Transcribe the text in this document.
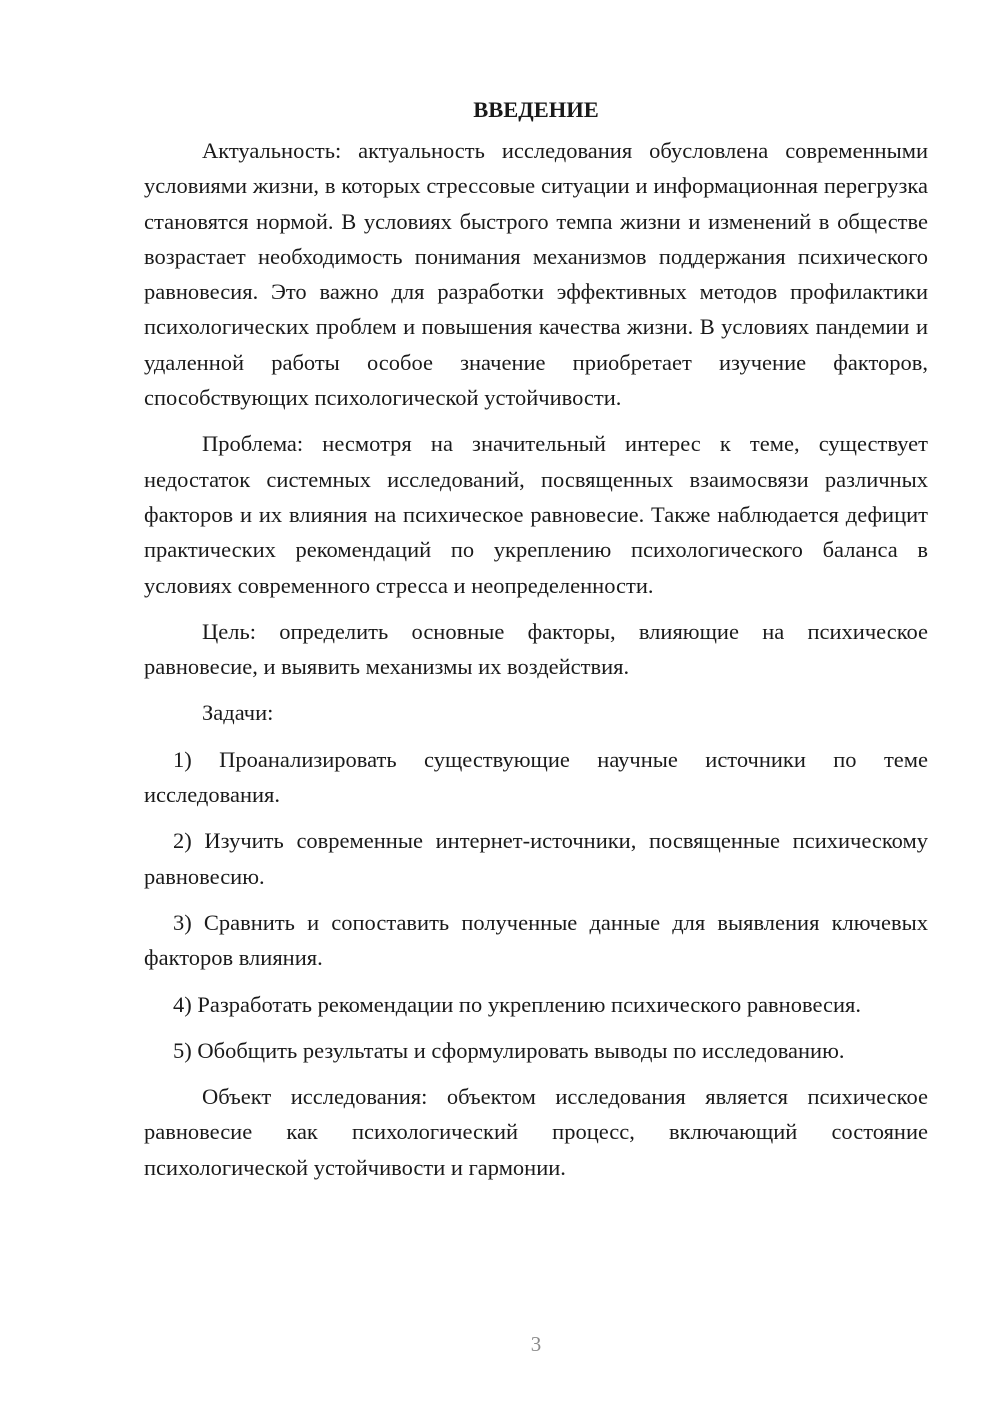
ВВЕДЕНИЕ

Актуальность: актуальность исследования обусловлена современными условиями жизни, в которых стрессовые ситуации и информационная перегрузка становятся нормой. В условиях быстрого темпа жизни и изменений в обществе возрастает необходимость понимания механизмов поддержания психического равновесия. Это важно для разработки эффективных методов профилактики психологических проблем и повышения качества жизни. В условиях пандемии и удаленной работы особое значение приобретает изучение факторов, способствующих психологической устойчивости.

Проблема: несмотря на значительный интерес к теме, существует недостаток системных исследований, посвященных взаимосвязи различных факторов и их влияния на психическое равновесие. Также наблюдается дефицит практических рекомендаций по укреплению психологического баланса в условиях современного стресса и неопределенности.

Цель: определить основные факторы, влияющие на психическое равновесие, и выявить механизмы их воздействия.

Задачи:

1) Проанализировать существующие научные источники по теме исследования.

2) Изучить современные интернет-источники, посвященные психическому равновесию.

3) Сравнить и сопоставить полученные данные для выявления ключевых факторов влияния.

4) Разработать рекомендации по укреплению психического равновесия.

5) Обобщить результаты и сформулировать выводы по исследованию.

Объект исследования: объектом исследования является психическое равновесие как психологический процесс, включающий состояние психологической устойчивости и гармонии.

3
